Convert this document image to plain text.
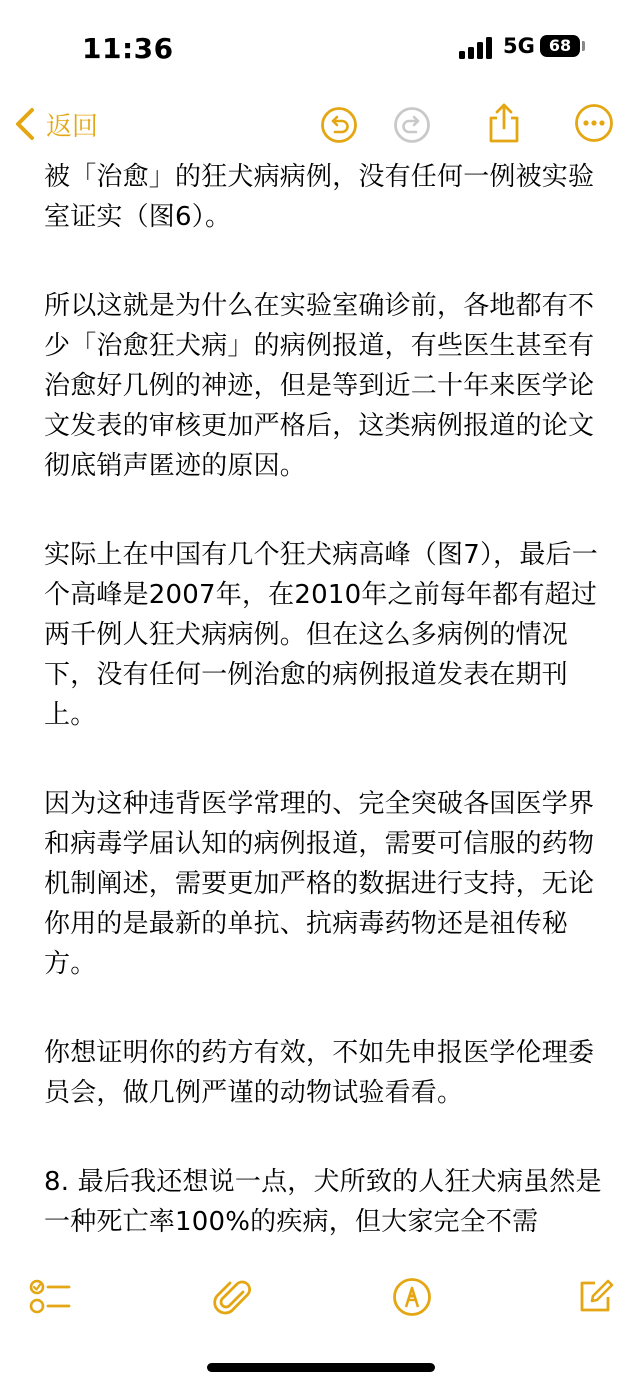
11:36	5G 68
返回

被「治愈」的狂犬病病例，没有任何一例被实验室证实（图6）。

所以这就是为什么在实验室确诊前，各地都有不少「治愈狂犬病」的病例报道，有些医生甚至有治愈好几例的神迹，但是等到近二十年来医学论文发表的审核更加严格后，这类病例报道的论文彻底销声匿迹的原因。

实际上在中国有几个狂犬病高峰（图7），最后一个高峰是2007年，在2010年之前每年都有超过两千例人狂犬病病例。但在这么多病例的情况下，没有任何一例治愈的病例报道发表在期刊上。

因为这种违背医学常理的、完全突破各国医学界和病毒学届认知的病例报道，需要可信服的药物机制阐述，需要更加严格的数据进行支持，无论你用的是最新的单抗、抗病毒药物还是祖传秘方。

你想证明你的药方有效，不如先申报医学伦理委员会，做几例严谨的动物试验看看。

8. 最后我还想说一点，犬所致的人狂犬病虽然是一种死亡率100%的疾病，但大家完全不需
